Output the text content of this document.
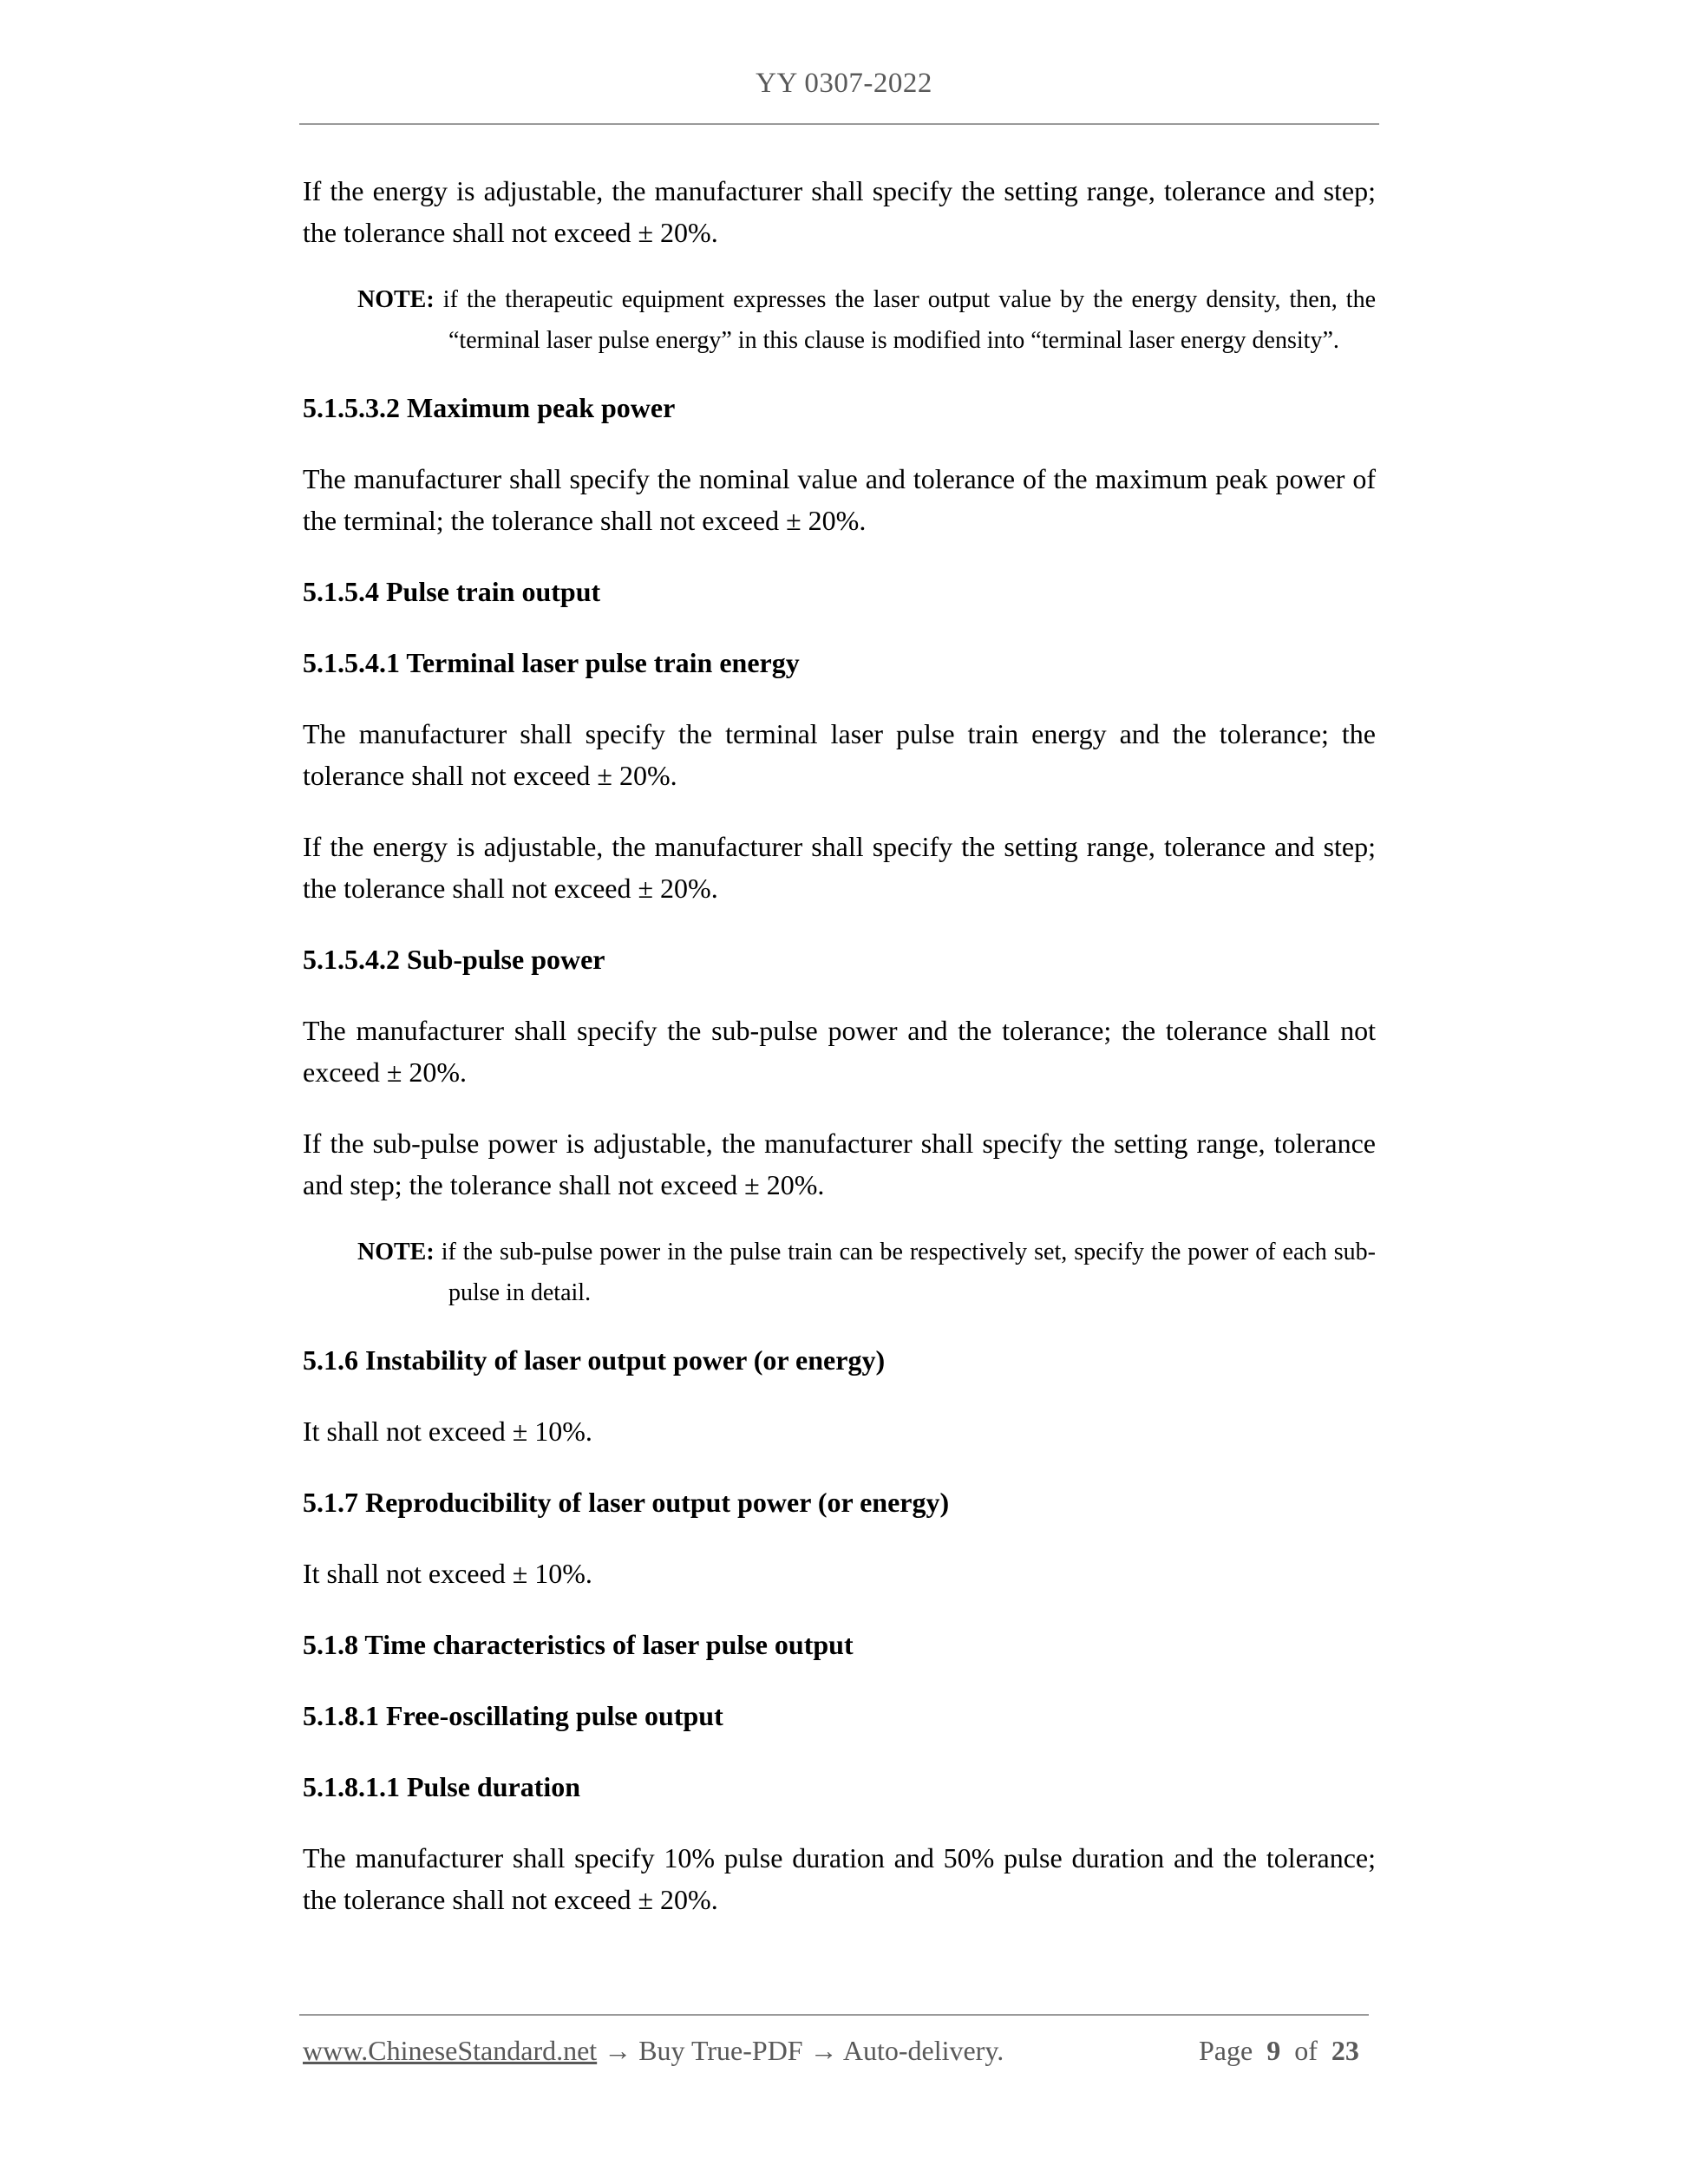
YY 0307-2022

If the energy is adjustable, the manufacturer shall specify the setting range, tolerance and step; the tolerance shall not exceed ± 20%.

NOTE: if the therapeutic equipment expresses the laser output value by the energy density, then, the “terminal laser pulse energy” in this clause is modified into “terminal laser energy density”.

5.1.5.3.2 Maximum peak power

The manufacturer shall specify the nominal value and tolerance of the maximum peak power of the terminal; the tolerance shall not exceed ± 20%.

5.1.5.4 Pulse train output

5.1.5.4.1 Terminal laser pulse train energy

The manufacturer shall specify the terminal laser pulse train energy and the tolerance; the tolerance shall not exceed ± 20%.

If the energy is adjustable, the manufacturer shall specify the setting range, tolerance and step; the tolerance shall not exceed ± 20%.

5.1.5.4.2 Sub-pulse power

The manufacturer shall specify the sub-pulse power and the tolerance; the tolerance shall not exceed ± 20%.

If the sub-pulse power is adjustable, the manufacturer shall specify the setting range, tolerance and step; the tolerance shall not exceed ± 20%.

NOTE: if the sub-pulse power in the pulse train can be respectively set, specify the power of each sub-pulse in detail.

5.1.6 Instability of laser output power (or energy)

It shall not exceed ± 10%.

5.1.7 Reproducibility of laser output power (or energy)

It shall not exceed ± 10%.

5.1.8 Time characteristics of laser pulse output

5.1.8.1 Free-oscillating pulse output

5.1.8.1.1 Pulse duration

The manufacturer shall specify 10% pulse duration and 50% pulse duration and the tolerance; the tolerance shall not exceed ± 20%.

www.ChineseStandard.net → Buy True-PDF → Auto-delivery.	Page 9 of 23
